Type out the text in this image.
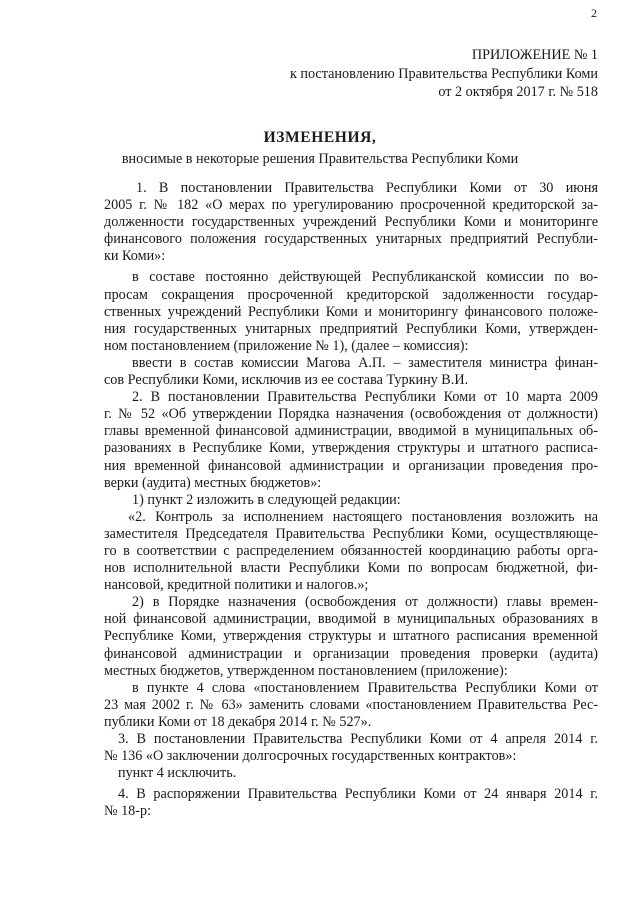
2
ПРИЛОЖЕНИЕ № 1
к постановлению Правительства Республики Коми
от 2 октября 2017 г. № 518
ИЗМЕНЕНИЯ,
вносимые в некоторые решения Правительства Республики Коми
1. В постановлении Правительства Республики Коми от 30 июня
2005 г. № 182 «О мерах по урегулированию просроченной кредиторской за-
долженности государственных учреждений Республики Коми и мониторинге
финансового положения государственных унитарных предприятий Республи-
ки Коми»:
в составе постоянно действующей Республиканской комиссии по во-
просам сокращения просроченной кредиторской задолженности государ-
ственных учреждений Республики Коми и мониторингу финансового положе-
ния государственных унитарных предприятий Республики Коми, утвержден-
ном постановлением (приложение № 1), (далее – комиссия):
ввести в состав комиссии Магова А.П. – заместителя министра финан-
сов Республики Коми, исключив из ее состава Туркину В.И.
2. В постановлении Правительства Республики Коми от 10 марта 2009
г. № 52 «Об утверждении Порядка назначения (освобождения от должности)
главы временной финансовой администрации, вводимой в муниципальных об-
разованиях в Республике Коми, утверждения структуры и штатного расписа-
ния временной финансовой администрации и организации проведения про-
верки (аудита) местных бюджетов»:
1) пункт 2 изложить в следующей редакции:
«2. Контроль за исполнением настоящего постановления возложить на
заместителя Председателя Правительства Республики Коми, осуществляюще-
го в соответствии с распределением обязанностей координацию работы орга-
нов исполнительной власти Республики Коми по вопросам бюджетной, фи-
нансовой, кредитной политики и налогов.»;
2) в Порядке назначения (освобождения от должности) главы времен-
ной финансовой администрации, вводимой в муниципальных образованиях в
Республике Коми, утверждения структуры и штатного расписания временной
финансовой администрации и организации проведения проверки (аудита)
местных бюджетов, утвержденном постановлением (приложение):
в пункте 4 слова «постановлением Правительства Республики Коми от
23 мая 2002 г. № 63» заменить словами «постановлением Правительства Рес-
публики Коми от 18 декабря 2014 г. № 527».
3. В постановлении Правительства Республики Коми от 4 апреля 2014 г.
№ 136 «О заключении долгосрочных государственных контрактов»:
пункт 4 исключить.
4. В распоряжении Правительства Республики Коми от 24 января 2014 г.
№ 18-р:
